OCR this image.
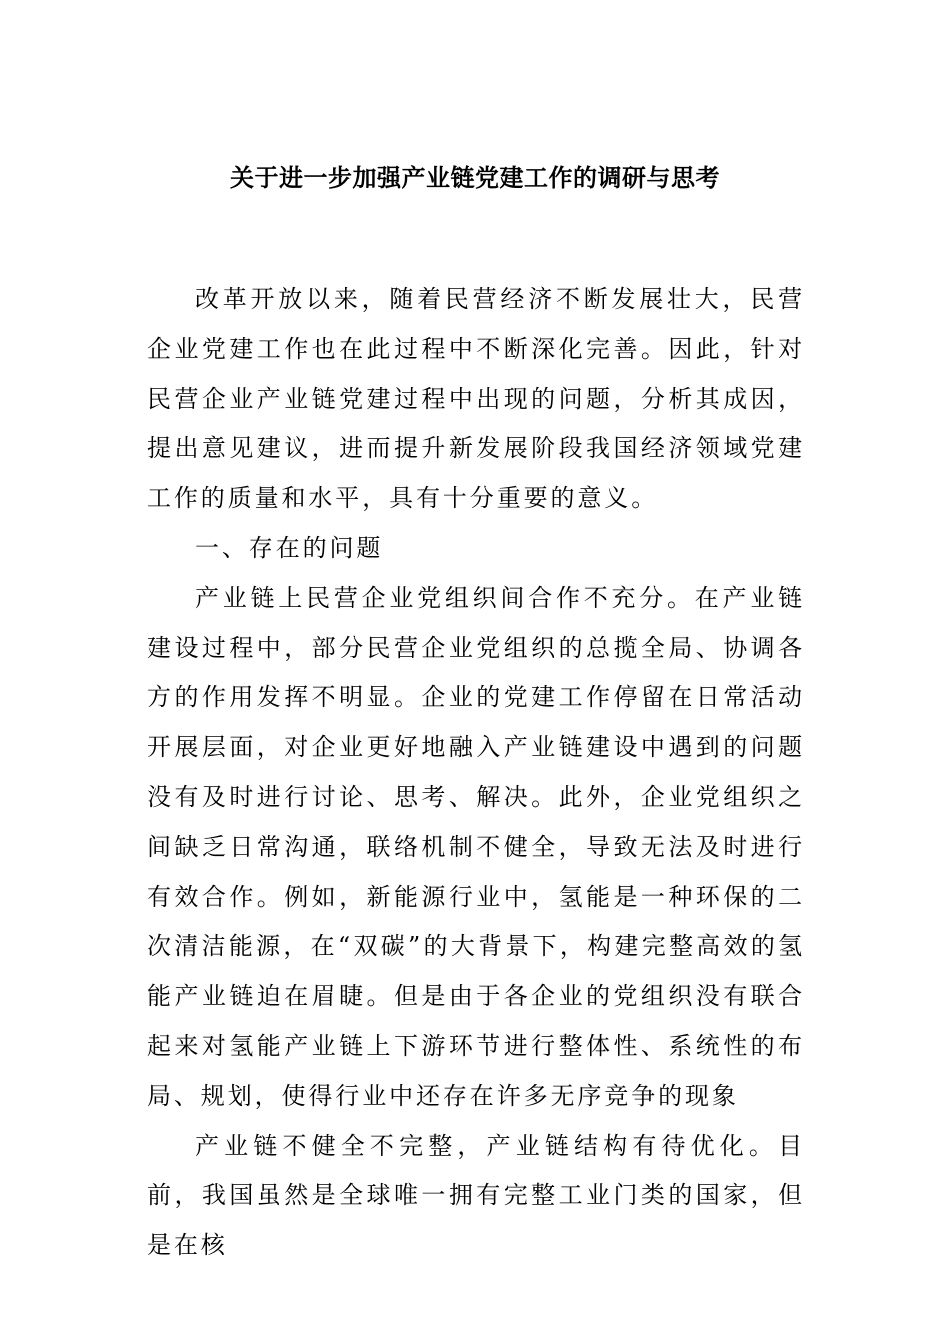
关于进一步加强产业链党建工作的调研与思考

改革开放以来，随着民营经济不断发展壮大，民营企业党建工作也在此过程中不断深化完善。因此，针对民营企业产业链党建过程中出现的问题，分析其成因，提出意见建议，进而提升新发展阶段我国经济领域党建工作的质量和水平，具有十分重要的意义。

一、存在的问题

产业链上民营企业党组织间合作不充分。在产业链建设过程中，部分民营企业党组织的总揽全局、协调各方的作用发挥不明显。企业的党建工作停留在日常活动开展层面，对企业更好地融入产业链建设中遇到的问题没有及时进行讨论、思考、解决。此外，企业党组织之间缺乏日常沟通，联络机制不健全，导致无法及时进行有效合作。例如，新能源行业中，氢能是一种环保的二次清洁能源，在“双碳”的大背景下，构建完整高效的氢能产业链迫在眉睫。但是由于各企业的党组织没有联合起来对氢能产业链上下游环节进行整体性、系统性的布局、规划，使得行业中还存在许多无序竞争的现象

产业链不健全不完整，产业链结构有待优化。目前，我国虽然是全球唯一拥有完整工业门类的国家，但是在核
